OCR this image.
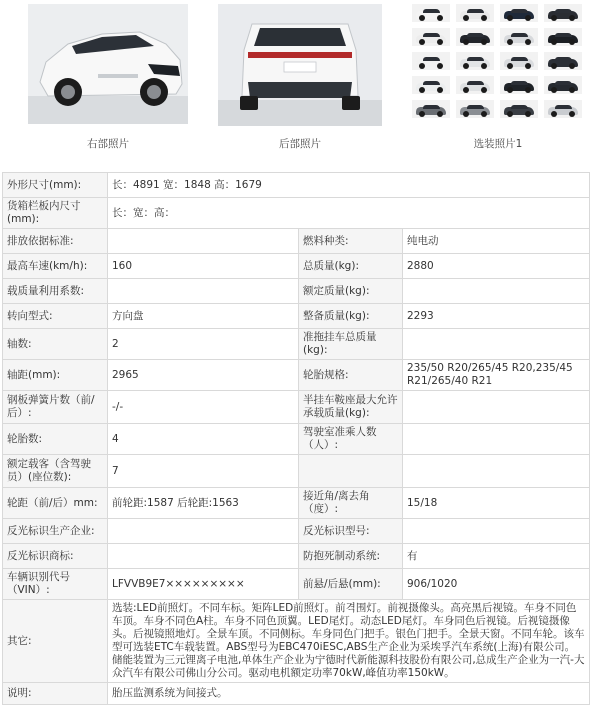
右部照片	后部照片	选装照片1
外形尺寸(mm):	长：4891 宽：1848 高：1679		
货箱栏板内尺寸(mm):	长：宽：高：		
排放依据标准:		燃料种类:	纯电动
最高车速(km/h):	160	总质量(kg):	2880
载质量利用系数:		额定质量(kg):	
转向型式:	方向盘	整备质量(kg):	2293
轴数:	2	准拖挂车总质量(kg):	
轴距(mm):	2965	轮胎规格:	235/50 R20/265/45 R20,235/45 R21/265/40 R21
钢板弹簧片数（前/后）:	-/-	半挂车鞍座最大允许承载质量(kg):	
轮胎数:	4	驾驶室准乘人数（人）:	
额定载客（含驾驶员）(座位数):	7		
轮距（前/后）mm:	前轮距:1587 后轮距:1563	接近角/离去角（度）:	15/18
反光标识生产企业:		反光标识型号:	
反光标识商标:		防抱死制动系统:	有
车辆识别代号（VIN）:	LFVVB9E7×××××××××	前悬/后悬(mm):	906/1020
其它:	选装:LED前照灯。不同车标。矩阵LED前照灯。前격围灯。前视摄像头。高亮黑后视镜。车身不同色车顶。车身不同色A柱。车身不同色顶翼。LED尾灯。动态LED尾灯。车身同色后视镜。后视镜摄像头。后视镜照地灯。全景车顶。不同侧标。车身同色门把手。银色门把手。全景天窗。不同车轮。该车型可选装ETC车载装置。ABS型号为EBC470iESC,ABS生产企业为采埃孚汽车系统(上海)有限公司。储能装置为三元锂离子电池,单体生产企业为宁德时代新能源科技股份有限公司,总成生产企业为一汽-大众汽车有限公司佛山分公司。驱动电机额定功率70kW,峰值功率150kW。		
说明:	胎压监测系统为间接式。		
